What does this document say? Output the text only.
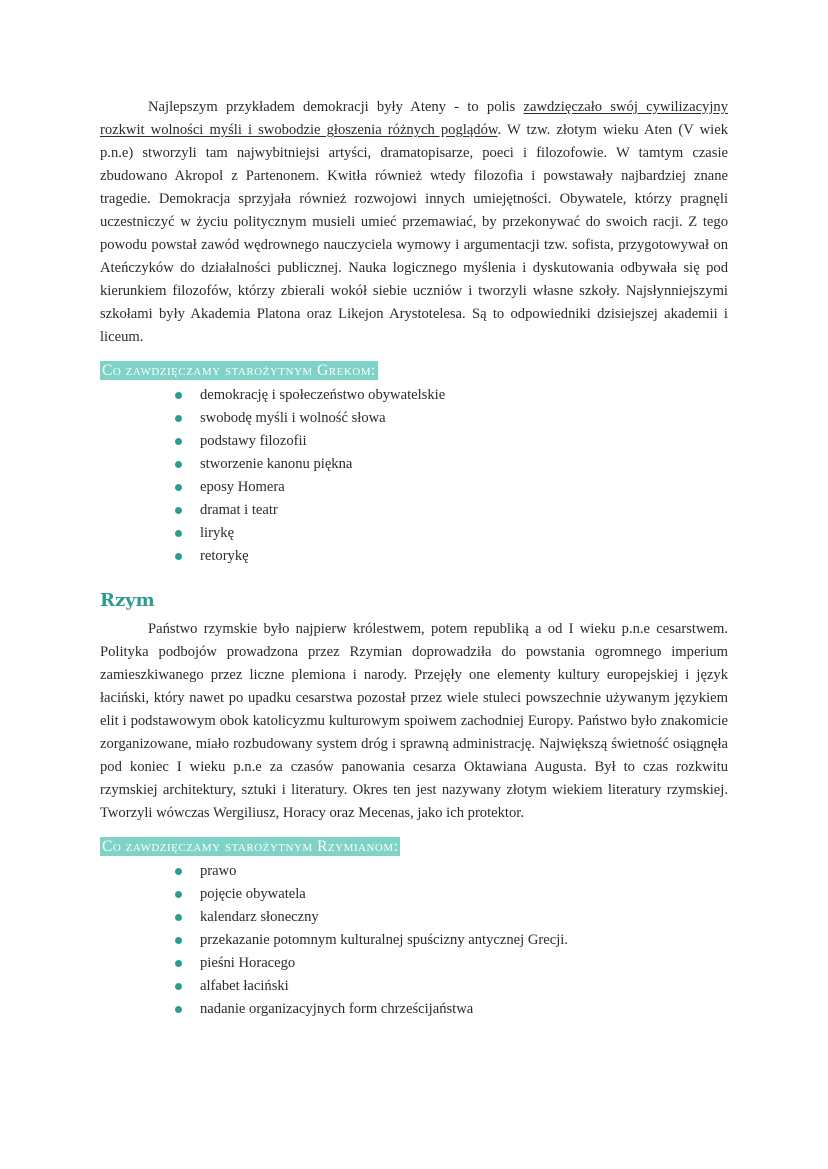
Najlepszym przykładem demokracji były Ateny - to polis zawdzięczało swój cywilizacyjny rozkwit wolności myśli i swobodzie głoszenia różnych poglądów. W tzw. złotym wieku Aten (V wiek p.n.e) stworzyli tam najwybitniejsi artyści, dramatopisarze, poeci i filozofowie. W tamtym czasie zbudowano Akropol z Partenonem. Kwitła również wtedy filozofia i powstawały najbardziej znane tragedie. Demokracja sprzyjała również rozwojowi innych umiejętności. Obywatele, którzy pragnęli uczestniczyć w życiu politycznym musieli umieć przemawiać, by przekonywać do swoich racji. Z tego powodu powstał zawód wędrownego nauczyciela wymowy i argumentacji tzw. sofista, przygotowywał on Ateńczyków do działalności publicznej. Nauka logicznego myślenia i dyskutowania odbywała się pod kierunkiem filozofów, którzy zbierali wokół siebie uczniów i tworzyli własne szkoły. Najsłynniejszymi szkołami były Akademia Platona oraz Likejon Arystotelesa. Są to odpowiedniki dzisiejszej akademii i liceum.

Co zawdzięczamy starożytnym Grekom:
demokrację i społeczeństwo obywatelskie
swobodę myśli i wolność słowa
podstawy filozofii
stworzenie kanonu piękna
eposy Homera
dramat i teatr
lirykę
retorykę
Rzym

Państwo rzymskie było najpierw królestwem, potem republiką a od I wieku p.n.e cesarstwem. Polityka podbojów prowadzona przez Rzymian doprowadziła do powstania ogromnego imperium zamieszkiwanego przez liczne plemiona i narody. Przejęły one elementy kultury europejskiej i język łaciński, który nawet po upadku cesarstwa pozostał przez wiele stuleci powszechnie używanym językiem elit i podstawowym obok katolicyzmu kulturowym spoiwem zachodniej Europy. Państwo było znakomicie zorganizowane, miało rozbudowany system dróg i sprawną administrację. Największą świetność osiągnęła pod koniec I wieku p.n.e za czasów panowania cesarza Oktawiana Augusta. Był to czas rozkwitu rzymskiej architektury, sztuki i literatury. Okres ten jest nazywany złotym wiekiem literatury rzymskiej. Tworzyli wówczas Wergiliusz, Horacy oraz Mecenas, jako ich protektor.

Co zawdzięczamy starożytnym Rzymianom:
prawo
pojęcie obywatela
kalendarz słoneczny
przekazanie potomnym kulturalnej spuścizny antycznej Grecji.
pieśni Horacego
alfabet łaciński
nadanie organizacyjnych form chrześcijaństwa
